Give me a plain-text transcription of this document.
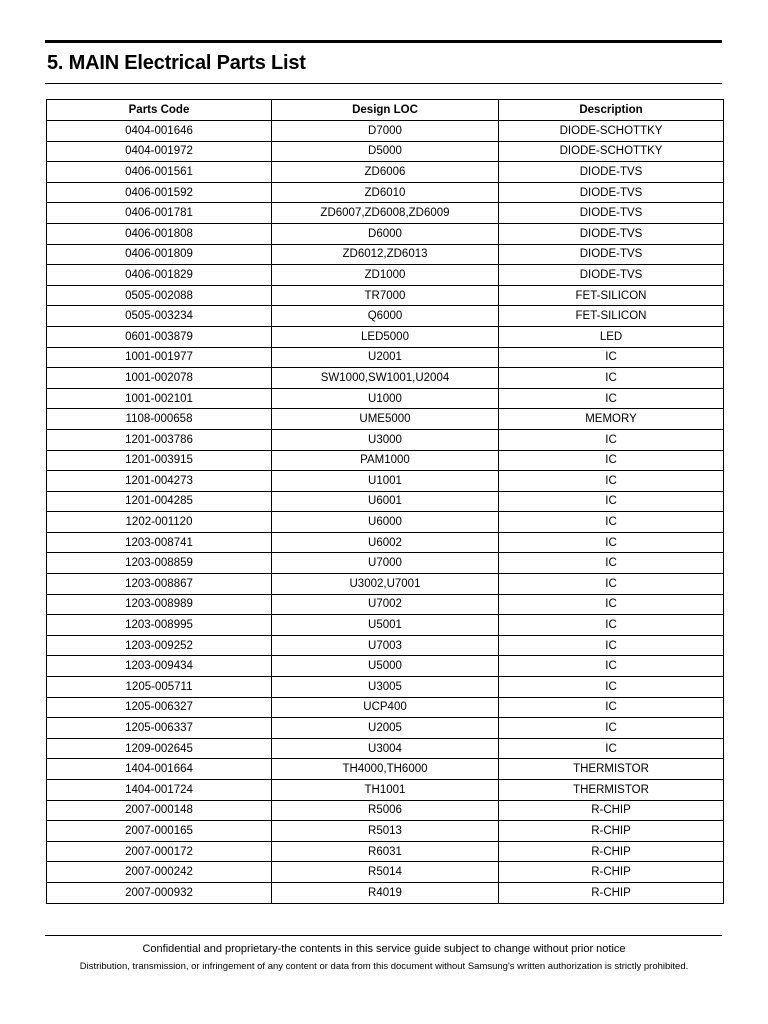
5. MAIN Electrical Parts List
Parts Code	Design LOC	Description
0404-001646	D7000	DIODE-SCHOTTKY
0404-001972	D5000	DIODE-SCHOTTKY
0406-001561	ZD6006	DIODE-TVS
0406-001592	ZD6010	DIODE-TVS
0406-001781	ZD6007,ZD6008,ZD6009	DIODE-TVS
0406-001808	D6000	DIODE-TVS
0406-001809	ZD6012,ZD6013	DIODE-TVS
0406-001829	ZD1000	DIODE-TVS
0505-002088	TR7000	FET-SILICON
0505-003234	Q6000	FET-SILICON
0601-003879	LED5000	LED
1001-001977	U2001	IC
1001-002078	SW1000,SW1001,U2004	IC
1001-002101	U1000	IC
1108-000658	UME5000	MEMORY
1201-003786	U3000	IC
1201-003915	PAM1000	IC
1201-004273	U1001	IC
1201-004285	U6001	IC
1202-001120	U6000	IC
1203-008741	U6002	IC
1203-008859	U7000	IC
1203-008867	U3002,U7001	IC
1203-008989	U7002	IC
1203-008995	U5001	IC
1203-009252	U7003	IC
1203-009434	U5000	IC
1205-005711	U3005	IC
1205-006327	UCP400	IC
1205-006337	U2005	IC
1209-002645	U3004	IC
1404-001664	TH4000,TH6000	THERMISTOR
1404-001724	TH1001	THERMISTOR
2007-000148	R5006	R-CHIP
2007-000165	R5013	R-CHIP
2007-000172	R6031	R-CHIP
2007-000242	R5014	R-CHIP
2007-000932	R4019	R-CHIP
Confidential and proprietary-the contents in this service guide subject to change without prior notice
Distribution, transmission, or infringement of any content or data from this document without Samsung's written authorization is strictly prohibited.
